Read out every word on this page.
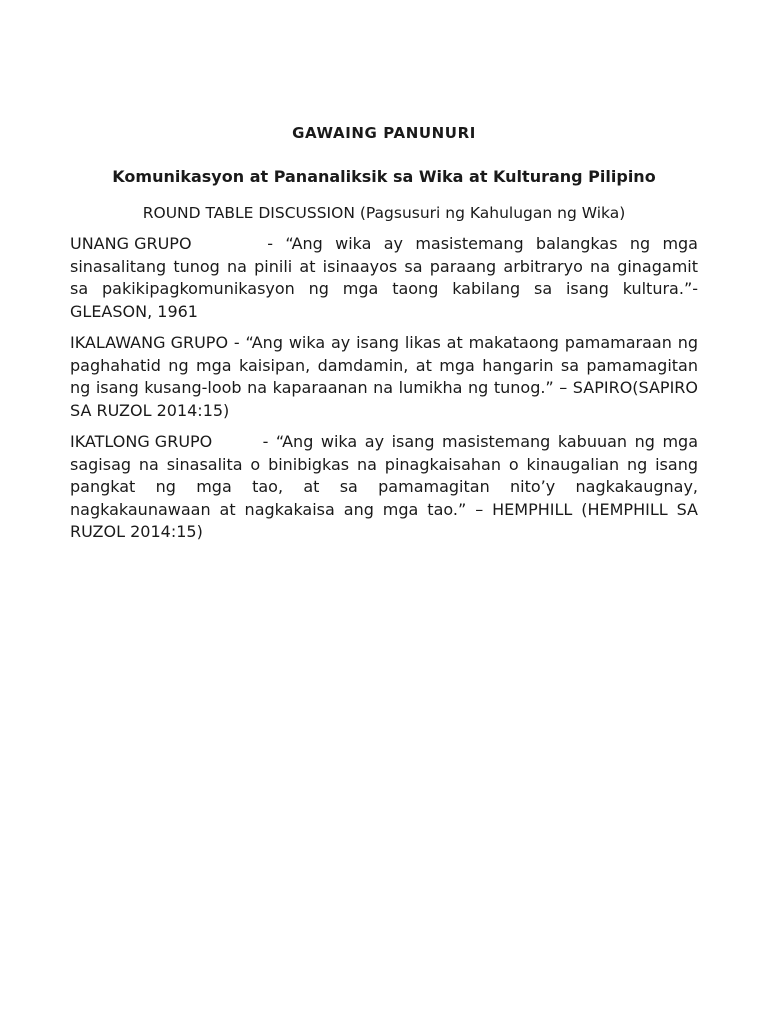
GAWAING PANUNURI
Komunikasyon at Pananaliksik sa Wika at Kulturang Pilipino
ROUND TABLE DISCUSSION (Pagsusuri ng Kahulugan ng Wika)

UNANG GRUPO	- “Ang wika ay masistemang balangkas ng mga sinasalitang tunog na pinili at isinaayos sa paraang arbitraryo na ginagamit sa pakikipagkomunikasyon ng mga taong kabilang sa isang kultura.”- GLEASON, 1961

IKALAWANG GRUPO - “Ang wika ay isang likas at makataong pamamaraan ng paghahatid ng mga kaisipan, damdamin, at mga hangarin sa pamamagitan ng isang kusang-loob na kaparaanan na lumikha ng tunog.” – SAPIRO(SAPIRO SA RUZOL 2014:15)

IKATLONG GRUPO	- “Ang wika ay isang masistemang kabuuan ng mga sagisag na sinasalita o binibigkas na pinagkaisahan o kinaugalian ng isang pangkat ng mga tao, at sa pamamagitan nito’y nagkakaugnay, nagkakaunawaan at nagkakaisa ang mga tao.” – HEMPHILL (HEMPHILL SA RUZOL 2014:15)
